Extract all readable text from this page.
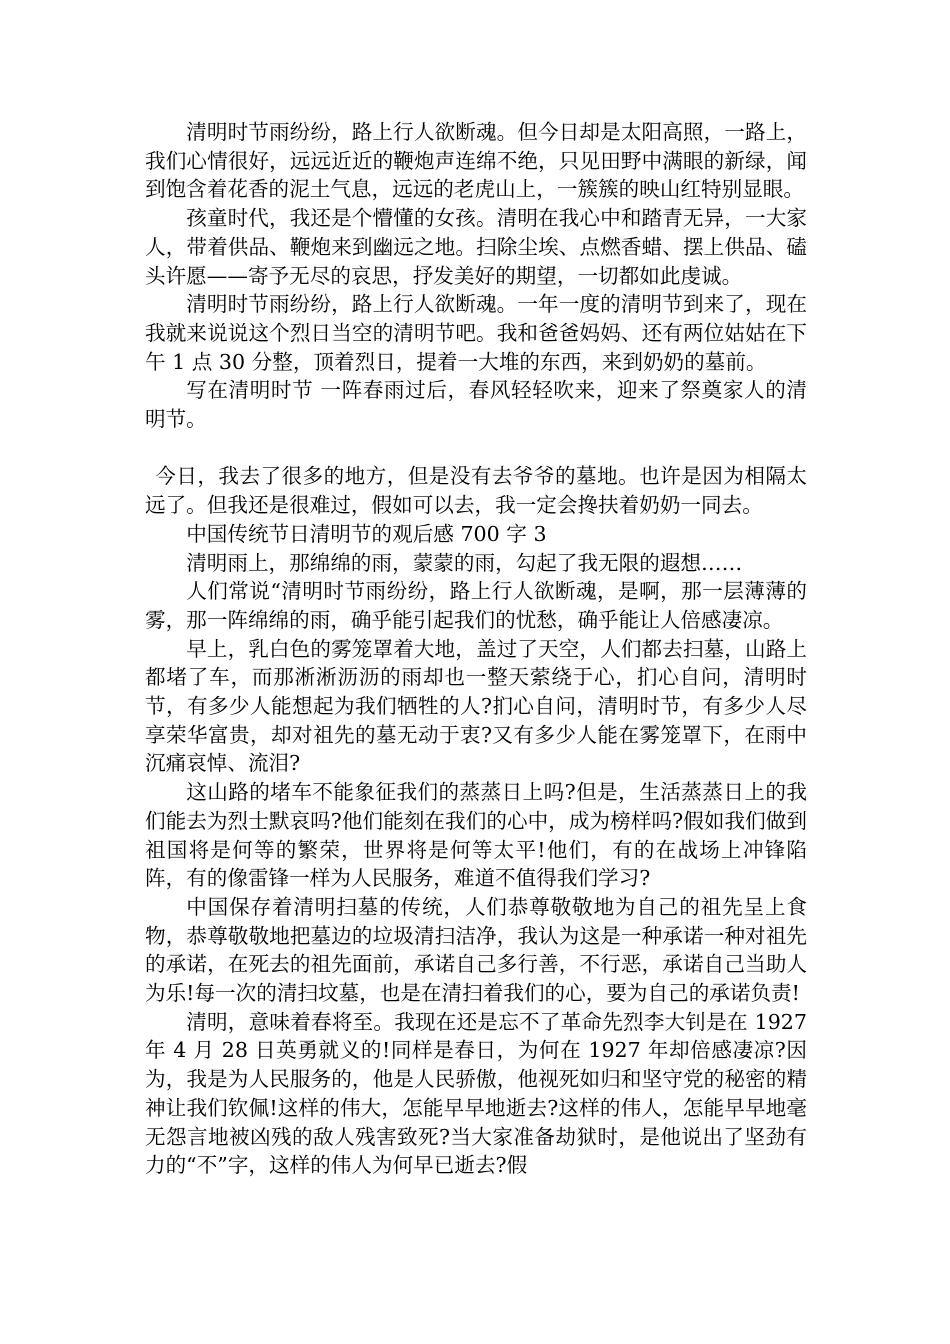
清明时节雨纷纷，路上行人欲断魂。但今日却是太阳高照，一路上，我们心情很好，远远近近的鞭炮声连绵不绝，只见田野中满眼的新绿，闻到饱含着花香的泥土气息，远远的老虎山上，一簇簇的映山红特别显眼。

孩童时代，我还是个懵懂的女孩。清明在我心中和踏青无异，一大家人，带着供品、鞭炮来到幽远之地。扫除尘埃、点燃香蜡、摆上供品、磕头许愿——寄予无尽的哀思，抒发美好的期望，一切都如此虔诚。

清明时节雨纷纷，路上行人欲断魂。一年一度的清明节到来了，现在我就来说说这个烈日当空的清明节吧。我和爸爸妈妈、还有两位姑姑在下午 1 点 30 分整，顶着烈日，提着一大堆的东西，来到奶奶的墓前。

写在清明时节 一阵春雨过后，春风轻轻吹来，迎来了祭奠家人的清明节。

今日，我去了很多的地方，但是没有去爷爷的墓地。也许是因为相隔太远了。但我还是很难过，假如可以去，我一定会搀扶着奶奶一同去。

中国传统节日清明节的观后感 700 字 3

清明雨上，那绵绵的雨，蒙蒙的雨，勾起了我无限的遐想……

人们常说“清明时节雨纷纷，路上行人欲断魂，是啊，那一层薄薄的雾，那一阵绵绵的雨，确乎能引起我们的忧愁，确乎能让人倍感凄凉。

早上，乳白色的雾笼罩着大地，盖过了天空，人们都去扫墓，山路上都堵了车，而那淅淅沥沥的雨却也一整天萦绕于心，扪心自问，清明时节，有多少人能想起为我们牺牲的人?扪心自问，清明时节，有多少人尽享荣华富贵，却对祖先的墓无动于衷?又有多少人能在雾笼罩下，在雨中沉痛哀悼、流泪?

这山路的堵车不能象征我们的蒸蒸日上吗?但是，生活蒸蒸日上的我们能去为烈士默哀吗?他们能刻在我们的心中，成为榜样吗?假如我们做到祖国将是何等的繁荣，世界将是何等太平!他们，有的在战场上冲锋陷阵，有的像雷锋一样为人民服务，难道不值得我们学习?

中国保存着清明扫墓的传统，人们恭尊敬敬地为自己的祖先呈上食物，恭尊敬敬地把墓边的垃圾清扫洁净，我认为这是一种承诺一种对祖先的承诺，在死去的祖先面前，承诺自己多行善，不行恶，承诺自己当助人为乐!每一次的清扫坟墓，也是在清扫着我们的心，要为自己的承诺负责!

清明，意味着春将至。我现在还是忘不了革命先烈李大钊是在 1927 年 4 月 28 日英勇就义的!同样是春日，为何在 1927 年却倍感凄凉?因为，我是为人民服务的，他是人民骄傲，他视死如归和坚守党的秘密的精神让我们钦佩!这样的伟大，怎能早早地逝去?这样的伟人，怎能早早地毫无怨言地被凶残的敌人残害致死?当大家准备劫狱时，是他说出了坚劲有力的“不”字，这样的伟人为何早已逝去?假
